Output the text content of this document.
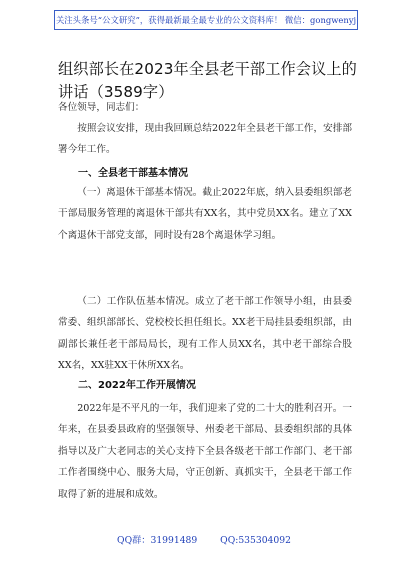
关注头条号“公文研究”，获得最新最全最专业的公文资料库！ 微信：gongwenyj
组织部长在2023年全县老干部工作会议上的讲话（3589字）
各位领导，同志们：
按照会议安排，现由我回顾总结2022年全县老干部工作，安排部署今年工作。
一、全县老干部基本情况
（一）离退休干部基本情况。截止2022年底，纳入县委组织部老干部局服务管理的离退休干部共有XX名，其中党员XX名。建立了XX个离退休干部党支部，同时设有28个离退休学习组。
（二）工作队伍基本情况。成立了老干部工作领导小组，由县委常委、组织部部长、党校校长担任组长。XX老干局挂县委组织部，由副部长兼任老干部局局长，现有工作人员XX名，其中老干部综合股XX名，XX驻XX干休所XX名。
二、2022年工作开展情况
2022年是不平凡的一年，我们迎来了党的二十大的胜利召开。一年来，在县委县政府的坚强领导、州委老干部局、县委组织部的具体指导以及广大老同志的关心支持下全县各级老干部工作部门、老干部工作者围绕中心、服务大局，守正创新、真抓实干，全县老干部工作取得了新的进展和成效。
QQ群：31991489 QQ:535304092
